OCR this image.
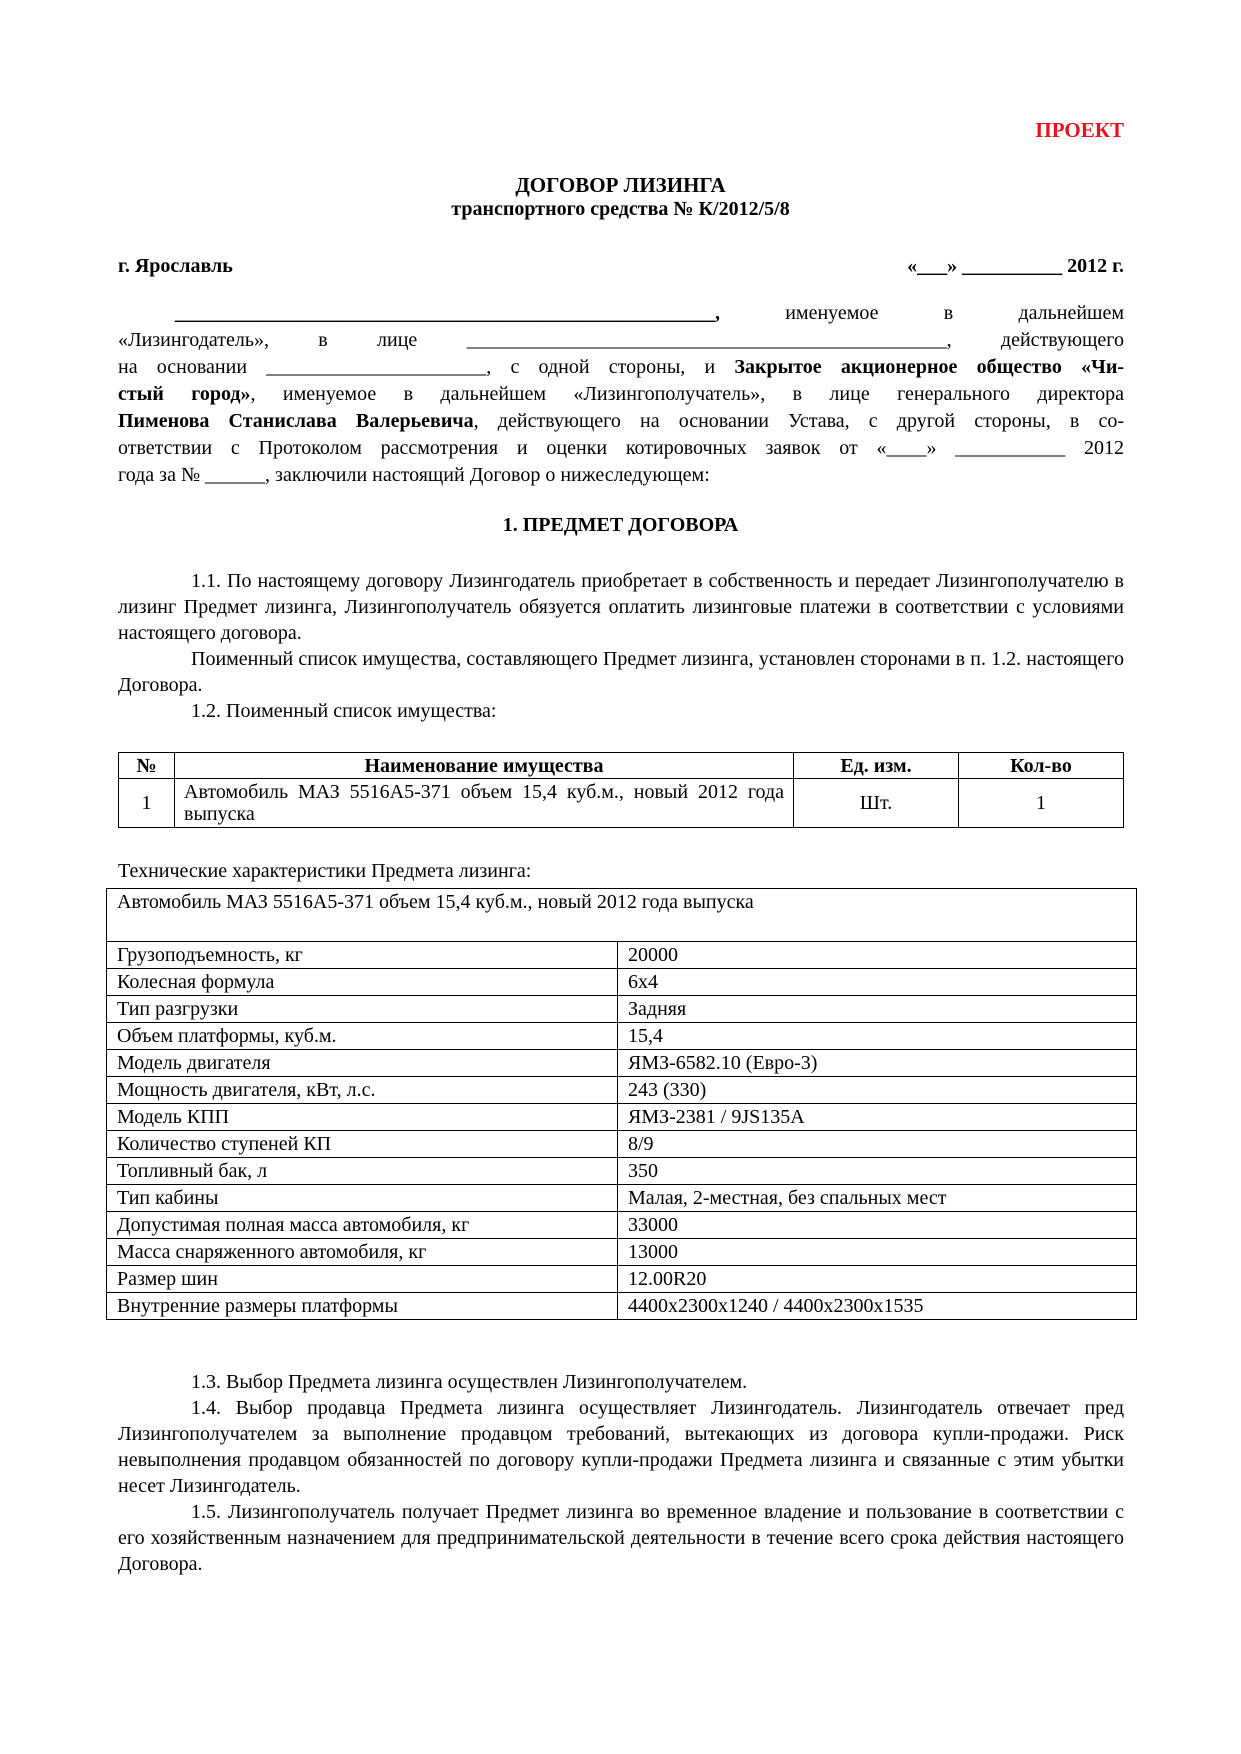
ПРОЕКТ
ДОГОВОР ЛИЗИНГА
транспортного средства № К/2012/5/8
г. Ярославль	«___» __________ 2012 г.

______________________________________________________, именуемое в дальнейшем

«Лизингодатель», в лице ________________________________________________, действующего

на основании ______________________, с одной стороны, и Закрытое акционерное общество «Чи-

стый город», именуемое в дальнейшем «Лизингополучатель», в лице генерального директора

Пименова Станислава Валерьевича, действующего на основании Устава, с другой стороны, в со-

ответствии с Протоколом рассмотрения и оценки котировочных заявок от «____» ___________ 2012

года за № ______, заключили настоящий Договор о нижеследующем:

1. ПРЕДМЕТ ДОГОВОРА

1.1. По настоящему договору Лизингодатель приобретает в собственность и передает Лизингополучателю в лизинг Предмет лизинга, Лизингополучатель обязуется оплатить лизинговые платежи в соответствии с условиями настоящего договора.

Поименный список имущества, составляющего Предмет лизинга, установлен сторонами в п. 1.2. настоящего Договора.

1.2. Поименный список имущества:

№	Наименование имущества	Ед. изм.	Кол-во
1	Автомобиль МАЗ 5516А5-371 объем 15,4 куб.м., новый 2012 года выпуска	Шт.	1
Технические характеристики Предмета лизинга:
Автомобиль МАЗ 5516А5-371 объем 15,4 куб.м., новый 2012 года выпуска	
Грузоподъемность, кг	20000
Колесная формула	6х4
Тип разгрузки	Задняя
Объем платформы, куб.м.	15,4
Модель двигателя	ЯМЗ-6582.10 (Евро-3)
Мощность двигателя, кВт, л.с.	243 (330)
Модель КПП	ЯМЗ-2381 / 9JS135A
Количество ступеней КП	8/9
Топливный бак, л	350
Тип кабины	Малая, 2-местная, без спальных мест
Допустимая полная масса автомобиля, кг	33000
Масса снаряженного автомобиля, кг	13000
Размер шин	12.00R20
Внутренние размеры платформы	4400х2300х1240 / 4400х2300х1535

1.3. Выбор Предмета лизинга осуществлен Лизингополучателем.

1.4. Выбор продавца Предмета лизинга осуществляет Лизингодатель. Лизингодатель отвечает пред Лизингополучателем за выполнение продавцом требований, вытекающих из договора купли-продажи. Риск невыполнения продавцом обязанностей по договору купли-продажи Предмета лизинга и связанные с этим убытки несет Лизингодатель.

1.5. Лизингополучатель получает Предмет лизинга во временное владение и пользование в соответствии с его хозяйственным назначением для предпринимательской деятельности в течение всего срока действия настоящего Договора.
